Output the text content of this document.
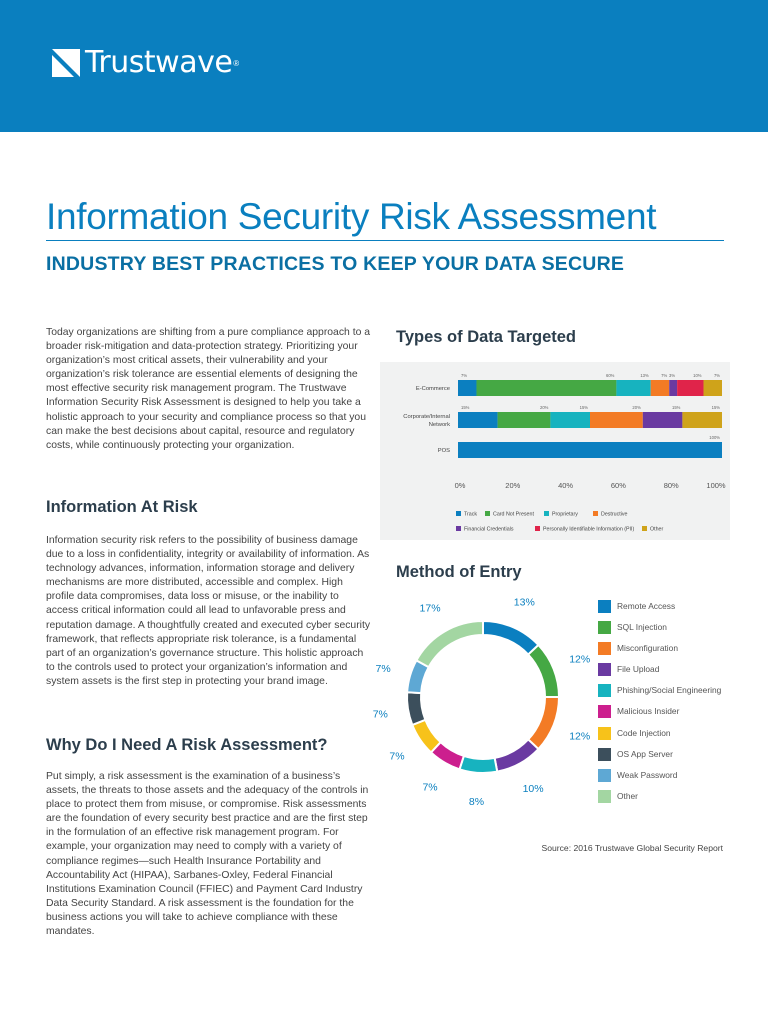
Trustwave ®
Information Security Risk Assessment
INDUSTRY BEST PRACTICES TO KEEP YOUR DATA SECURE

Today organizations are shifting from a pure compliance approach to a broader risk-mitigation and data-protection strategy. Prioritizing your organization’s most critical assets, their vulnerability and your organization’s risk tolerance are essential elements of designing the most effective security risk management program. The Trustwave Information Security Risk Assessment is designed to help you take a holistic approach to your security and compliance process so that you can make the best decisions about capital, resource and regulatory costs, while continuously protecting your organization.

Information At Risk

Information security risk refers to the possibility of business damage due to a loss in confidentiality, integrity or availability of information. As technology advances, information, information storage and delivery mechanisms are more distributed, accessible and complex. High profile data compromises, data loss or misuse, or the inability to access critical information could all lead to unfavorable press and reputation damage. A thoughtfully created and executed cyber security framework, that reflects appropriate risk tolerance, is a fundamental part of an organization’s governance structure. This holistic approach to the controls used to protect your organization’s information and system assets is the first step in protecting your brand image.

Why Do I Need A Risk Assessment?

Put simply, a risk assessment is the examination of a business’s assets, the threats to those assets and the adequacy of the controls in place to protect them from misuse, or compromise. Risk assessments are the foundation of every security best practice and are the first step in the formulation of an effective risk management program. For example, your organization may need to comply with a variety of compliance regimes—such Health Insurance Portability and Accountability Act (HIPAA), Sarbanes-Oxley, Federal Financial Institutions Examination Council (FFIEC) and Payment Card Industry Data Security Standard. A risk assessment is the foundation for the business actions you will take to achieve compliance with these mandates.

Types of Data Targeted
0%	20%	40%	60%	80%	100%
E-Commerce
7%	60%	13%	7% 3%	10%	7%
Corporate/Internal
Network
15%	20%	15%	20%	15%	15%
POS
100%
Track	Card Not Present	Proprietary	Destructive
Financial Credentials	Personally Identifiable Information (PII)	Other
Method of Entry
13%
12%
12%
10%
8%
7%
7%
7%
7%
17%	Remote Access
SQL Injection
Misconfiguration
File Upload
Phishing/Social Engineering
Malicious Insider
Code Injection
OS App Server
Weak Password
Other
Source: 2016 Trustwave Global Security Report
